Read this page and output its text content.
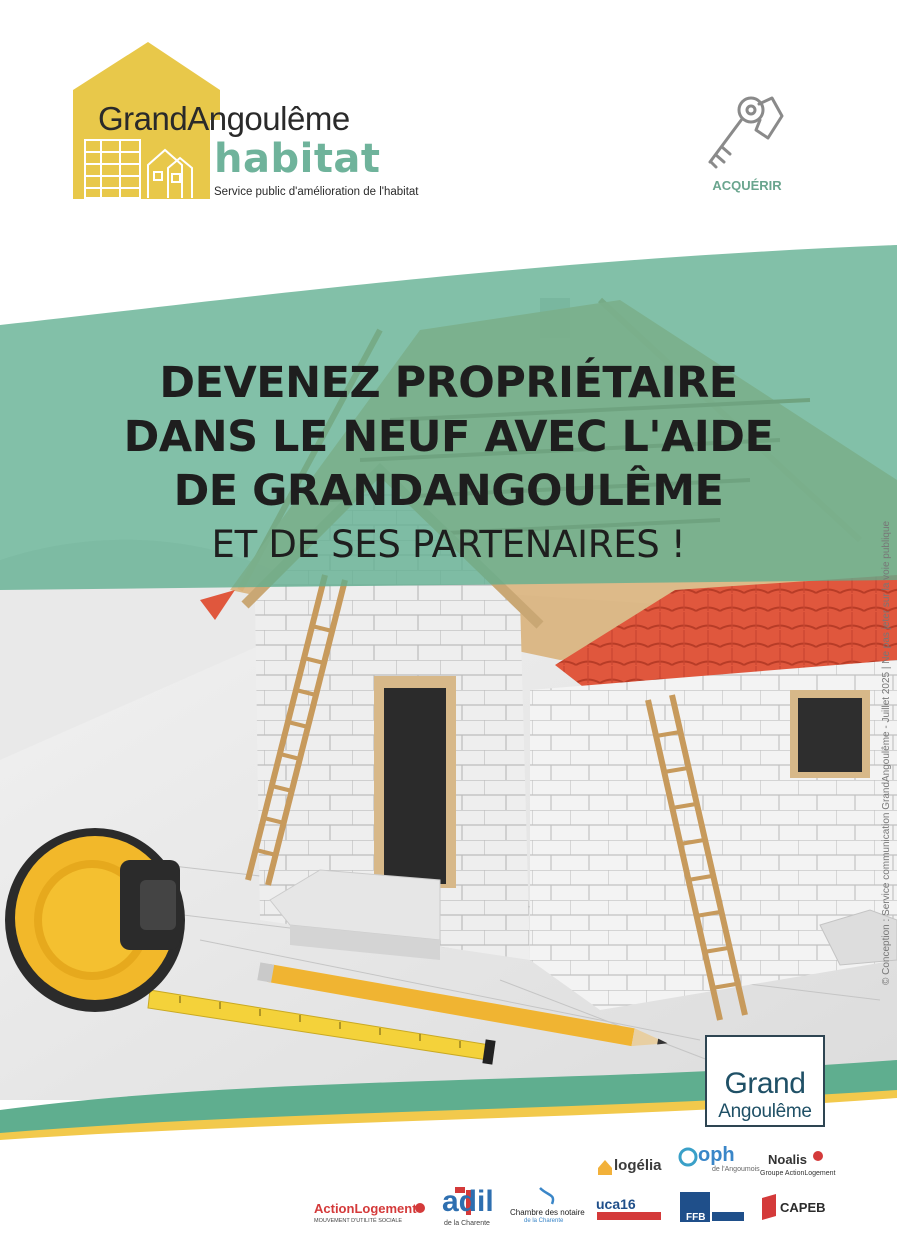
GrandAngoulême
habitat
Service public d'amélioration de l'habitat	ACQUÉRIR
DEVENEZ PROPRIÉTAIRE
DANS LE NEUF AVEC L'AIDE
DE GRANDANGOULÊME
ET DE SES PARTENAIRES !	© Conception : Service communication GrandAngoulême - Juillet 2025 | Ne pas jeter sur la voie publique
Grand
Angoulême
logélia oph
de l'Angoumois
Noalis
Groupe ActionLogement
ActionLogement
MOUVEMENT D'UTILITÉ SOCIALE
adil
de la Charente
Chambre des notaire
de la Charente
uca16
FFB
CAPEB
